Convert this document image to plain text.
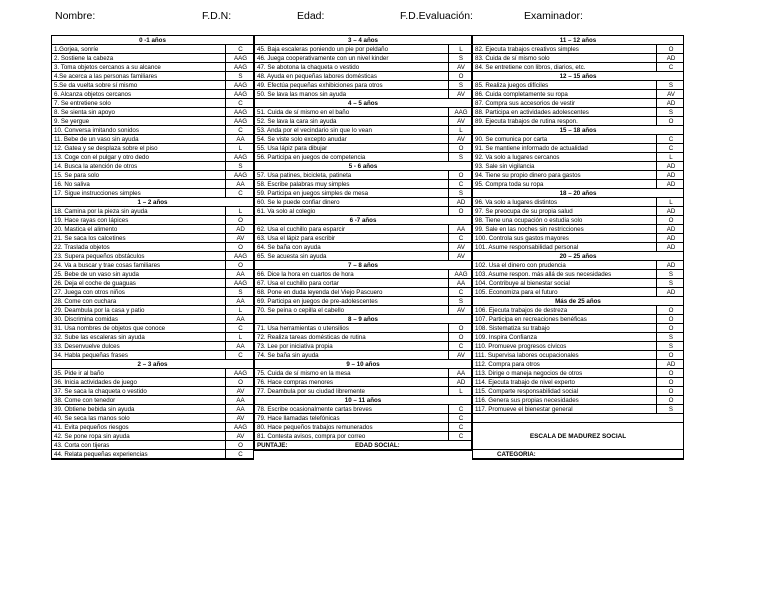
Nombre:	F.D.N:	Edad:	F.D.Evaluación:	Examinador:
0 -1 años
1.Gorjea, sonríe	C
2. Sostiene la cabeza	AAG
3. Toma objetos cercanos a su alcance	AAG
4.Se acerca a las personas familiares	S
5.Se da vuelta sobre sí mismo	AAG
6. Alcanza objetos cercanos	AAG
7. Se entretiene solo	C
8. Se sienta sin apoyo	AAG
9. Se yergue	AAG
10. Conversa imitando sonidos	C
11. Bebe de un vaso sin ayuda	AA
12. Gatea y se desplaza sobre el piso	L
13. Coge con el pulgar y otro dedo	AAG
14. Busca la atención de otros	S
15. Se para solo	AAG
16. No saliva	AA
17. Sigue instrucciones simples	C
1 – 2 años
18. Camina por la pieza sin ayuda	L
19. Hace rayas con lápices	O
20. Mastica el alimento	AD
21. Se saca los calcetines	AV
22. Traslada objetos	O
23. Supera pequeños obstáculos	AAG
24. Va a buscar y trae cosas familiares	O
25. Bebe de un vaso sin ayuda	AA
26. Deja el coche de guaguas	AAG
27. Juega con otros niños	S
28. Come con cuchara	AA
29. Deambula por la casa y patio	L
30. Discrimina comidas	AA
31. Usa nombres de objetos que conoce	C
32. Sube las escaleras sin ayuda	L
33. Desenvuelve dulces	AA
34. Habla pequeñas frases	C
2 – 3 años
35. Pide ir al baño	AAG
36. Inicia actividades de juego	O
37. Se saca la chaqueta o vestido	AV
38. Come con tenedor	AA
39. Obtiene bebida sin ayuda	AA
40. Se seca las manos solo	AV
41. Evita pequeños riesgos	AAG
42. Se pone ropa sin ayuda	AV
43. Corta con tijeras	O
44. Relata pequeñas experiencias	C
3 – 4 años
45. Baja escaleras poniendo un pie por peldaño	L
46. Juega cooperativamente con un nivel kinder	S
47. Se abotona la chaqueta o vestido	AV
48. Ayuda en pequeñas labores domésticas	O
49. Efectúa pequeñas exhibiciones para otros	S
50. Se lava las manos sin ayuda	AV
4 – 5 años
51. Cuida de sí mismo en el baño	AAG
52. Se lava la cara sin ayuda	AV
53. Anda por el vecindario sin que lo vean	L
54. Se viste solo excepto anudar	AV
55. Usa lápiz para dibujar	O
56. Participa en juegos de competencia	S
5 - 6 años
57. Usa patines, bicicleta, patineta	O
58. Escribe palabras muy simples	C
59. Participa en juegos simples de mesa	S
60. Se le puede confiar dinero	AD
61. Va solo al colegio	O
6 -7 años
62. Usa el cuchillo para esparcir	AA
63. Usa el lápiz para escribir	C
64. Se baña con ayuda	AV
65. Se acuesta sin ayuda	AV
7 – 8 años
66. Dice la hora en cuartos de hora	AAG
67. Usa el cuchillo para cortar	AA
68. Pone en duda leyenda del Viejo Pascuero	C
69. Participa en juegos de pre-adolescentes	S
70. Se peina o cepilla el cabello	AV
8 – 9 años
71. Usa herramientas o utensilios	O
72. Realiza tareas domésticas de rutina	O
73. Lee por iniciativa propia	C
74. Se baña sin ayuda	AV
9 – 10 años
75. Cuida de sí mismo en la mesa	AA
76. Hace compras menores	AD
77. Deambula por su ciudad libremente	L
10 – 11 años
78. Escribe ocasionalmente cartas breves	C
79. Hace llamadas telefónicas	C
80. Hace pequeños trabajos remunerados	C
81. Contesta avisos, compra por correo	C
PUNTAJE:	EDAD SOCIAL:
11 – 12 años
82. Ejecuta trabajos creativos simples	O
83. Cuida de sí mismo solo	AD
84. Se entretiene con libros, diarios, etc.	C
12 – 15 años
85. Realiza juegos difíciles	S
86. Cuida completamente su ropa	AV
87. Compra sus accesorios de vestir	AD
88. Participa en actividades adolescentes	S
89. Ejecuta trabajos de rutina respon.	O
15 – 18 años
90. Se comunica por carta	C
91. Se mantiene informado de actualidad	C
92. Va solo a lugares cercanos	L
93. Sale sin vigilancia	AD
94. Tiene su propio dinero para gastos	AD
95. Compra toda su ropa	AD
18 – 20 años
96. Va solo a lugares distintos	L
97. Se preocupa de su propia salud	AD
98. Tiene una ocupación o estudia solo	O
99. Sale en las noches sin restricciones	AD
100. Controla sus gastos mayores	AD
101. Asume responsabilidad personal	AD
20 – 25 años
102. Usa el dinero con prudencia	AD
103. Asume respon. más allá de sus necesidades	S
104. Contribuye al bienestar social	S
105. Economiza para el futuro	AD
Más de 25 años
106. Ejecuta trabajos de destreza	O
107. Participa en recreaciones benéficas	O
108. Sistematiza su trabajo	O
109. Inspira Confianza	S
110. Promueve progresos cívicos	S
111. Supervisa labores ocupacionales	O
112. Compra para otros	AD
113. Dirige o maneja negocios de otros	O
114. Ejecuta trabajo de nivel experto	O
115. Comparte responsabilidad social	O
116. Genera sus propias necesidades	O
117. Promueve el bienestar general	S
ESCALA DE MADUREZ SOCIAL
CATEGORIA:
